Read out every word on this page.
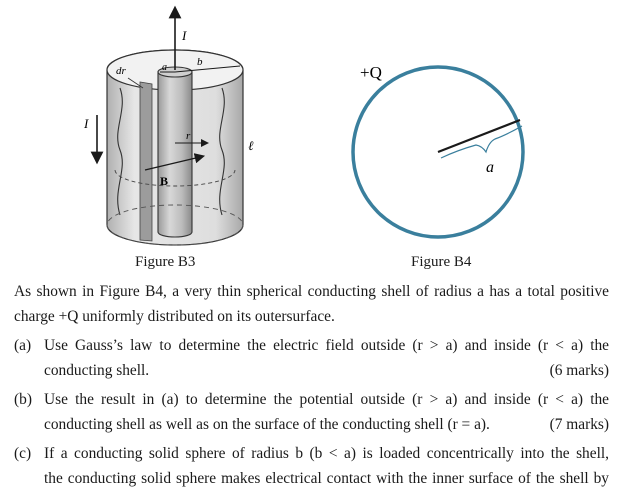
I
I
dr	a	b
r
B
ℓ
a
+Q
Figure B3	Figure B4
As shown in Figure B4, a very thin spherical conducting shell of radius a has a total positive
charge +Q uniformly distributed on its outersurface.
(a) Use Gauss’s law to determine the electric field outside (r > a) and inside (r < a) the
conducting shell.	(6 marks)
(b) Use the result in (a) to determine the potential outside (r > a) and inside (r < a) the
conducting shell as well as on the surface of the conducting shell (r = a).	(7 marks)
(c) If a conducting solid sphere of radius b (b < a) is loaded concentrically into the shell,
the conducting solid sphere makes electrical contact with the inner surface of the shell by
